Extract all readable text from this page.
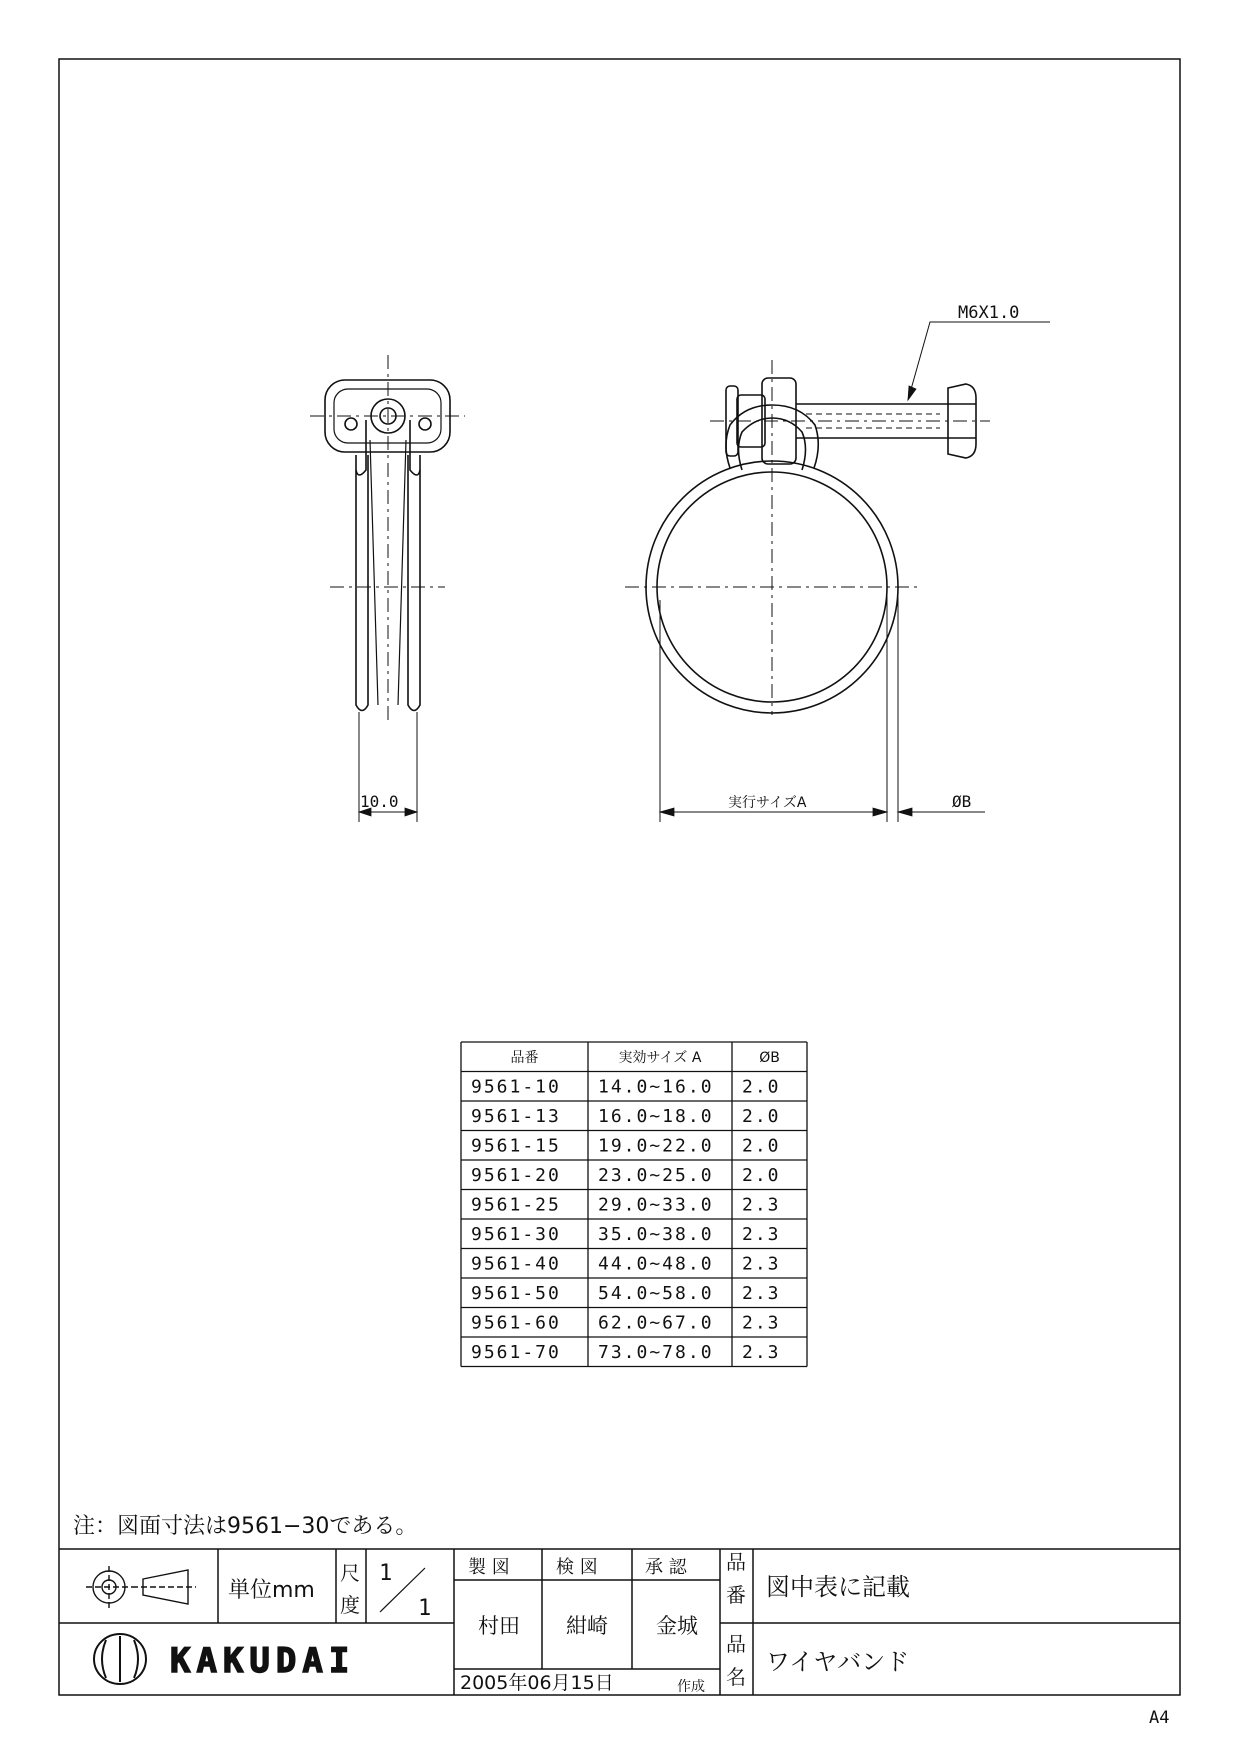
10.0
M6X1.0
実行サイズA	ØB
品番	実効サイズ A	ØB
9561-10 14.0~16.0 2.0
9561-13 16.0~18.0 2.0
9561-15 19.0~22.0 2.0
9561-20 23.0~25.0 2.0
9561-25 29.0~33.0 2.3
9561-30 35.0~38.0 2.3
9561-40 44.0~48.0 2.3
9561-50 54.0~58.0 2.3
9561-60 62.0~67.0 2.3
9561-70 73.0~78.0 2.3
注：図面寸法は9561−30である。
単位mm
尺
度
1
1
製 図	検 図	承 認
村田 紺崎 金城
2005年06月15日	作成
品
番 図中表に記載
品
名
ワイヤバンド
KAKUDAI
A4
